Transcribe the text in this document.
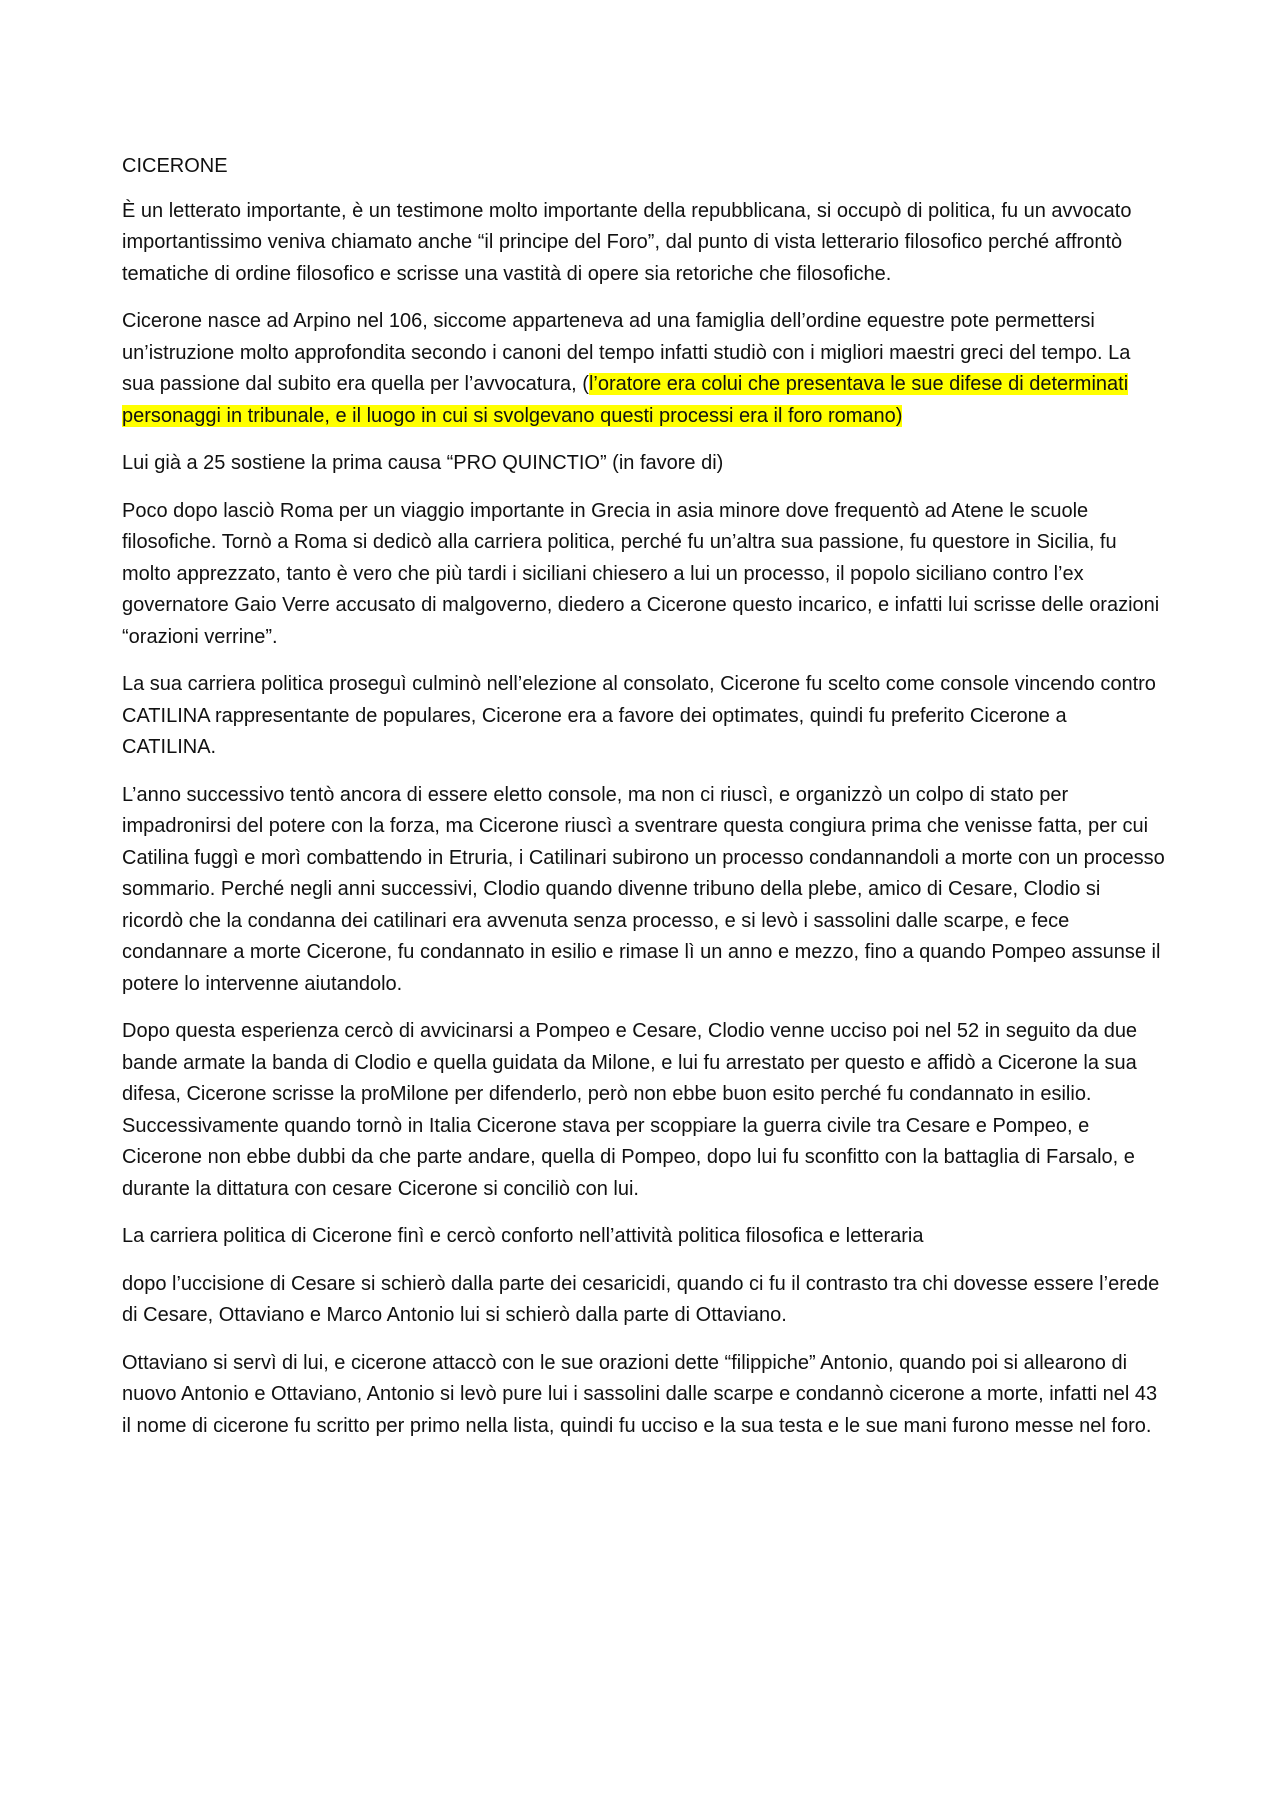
CICERONE

È un letterato importante, è un testimone molto importante della repubblicana, si occupò di politica, fu un avvocato importantissimo veniva chiamato anche “il principe del Foro”, dal punto di vista letterario filosofico perché affrontò tematiche di ordine filosofico e scrisse una vastità di opere sia retoriche che filosofiche.

Cicerone nasce ad Arpino nel 106, siccome apparteneva ad una famiglia dell’ordine equestre pote permettersi un’istruzione molto approfondita secondo i canoni del tempo infatti studiò con i migliori maestri greci del tempo. La sua passione dal subito era quella per l’avvocatura, (l’oratore era colui che presentava le sue difese di determinati personaggi in tribunale, e il luogo in cui si svolgevano questi processi era il foro romano)

Lui già a 25 sostiene la prima causa “PRO QUINCTIO” (in favore di)

Poco dopo lasciò Roma per un viaggio importante in Grecia in asia minore dove frequentò ad Atene le scuole filosofiche. Tornò a Roma si dedicò alla carriera politica, perché fu un’altra sua passione, fu questore in Sicilia, fu molto apprezzato, tanto è vero che più tardi i siciliani chiesero a lui un processo, il popolo siciliano contro l’ex governatore Gaio Verre accusato di malgoverno, diedero a Cicerone questo incarico, e infatti lui scrisse delle orazioni “orazioni verrine”.

La sua carriera politica proseguì culminò nell’elezione al consolato, Cicerone fu scelto come console vincendo contro CATILINA rappresentante de populares, Cicerone era a favore dei optimates, quindi fu preferito Cicerone a CATILINA.

L’anno successivo tentò ancora di essere eletto console, ma non ci riuscì, e organizzò un colpo di stato per impadronirsi del potere con la forza, ma Cicerone riuscì a sventrare questa congiura prima che venisse fatta, per cui Catilina fuggì e morì combattendo in Etruria, i Catilinari subirono un processo condannandoli a morte con un processo sommario. Perché negli anni successivi, Clodio quando divenne tribuno della plebe, amico di Cesare, Clodio si ricordò che la condanna dei catilinari era avvenuta senza processo, e si levò i sassolini dalle scarpe, e fece condannare a morte Cicerone, fu condannato in esilio e rimase lì un anno e mezzo, fino a quando Pompeo assunse il potere lo intervenne aiutandolo.

Dopo questa esperienza cercò di avvicinarsi a Pompeo e Cesare, Clodio venne ucciso poi nel 52 in seguito da due bande armate la banda di Clodio e quella guidata da Milone, e lui fu arrestato per questo e affidò a Cicerone la sua difesa, Cicerone scrisse la proMilone per difenderlo, però non ebbe buon esito perché fu condannato in esilio. Successivamente quando tornò in Italia Cicerone stava per scoppiare la guerra civile tra Cesare e Pompeo, e Cicerone non ebbe dubbi da che parte andare, quella di Pompeo, dopo lui fu sconfitto con la battaglia di Farsalo, e durante la dittatura con cesare Cicerone si conciliò con lui.

La carriera politica di Cicerone finì e cercò conforto nell’attività politica filosofica e letteraria

dopo l’uccisione di Cesare si schierò dalla parte dei cesaricidi, quando ci fu il contrasto tra chi dovesse essere l’erede di Cesare, Ottaviano e Marco Antonio lui si schierò dalla parte di Ottaviano.

Ottaviano si servì di lui, e cicerone attaccò con le sue orazioni dette “filippiche” Antonio, quando poi si allearono di nuovo Antonio e Ottaviano, Antonio si levò pure lui i sassolini dalle scarpe e condannò cicerone a morte, infatti nel 43 il nome di cicerone fu scritto per primo nella lista, quindi fu ucciso e la sua testa e le sue mani furono messe nel foro.
